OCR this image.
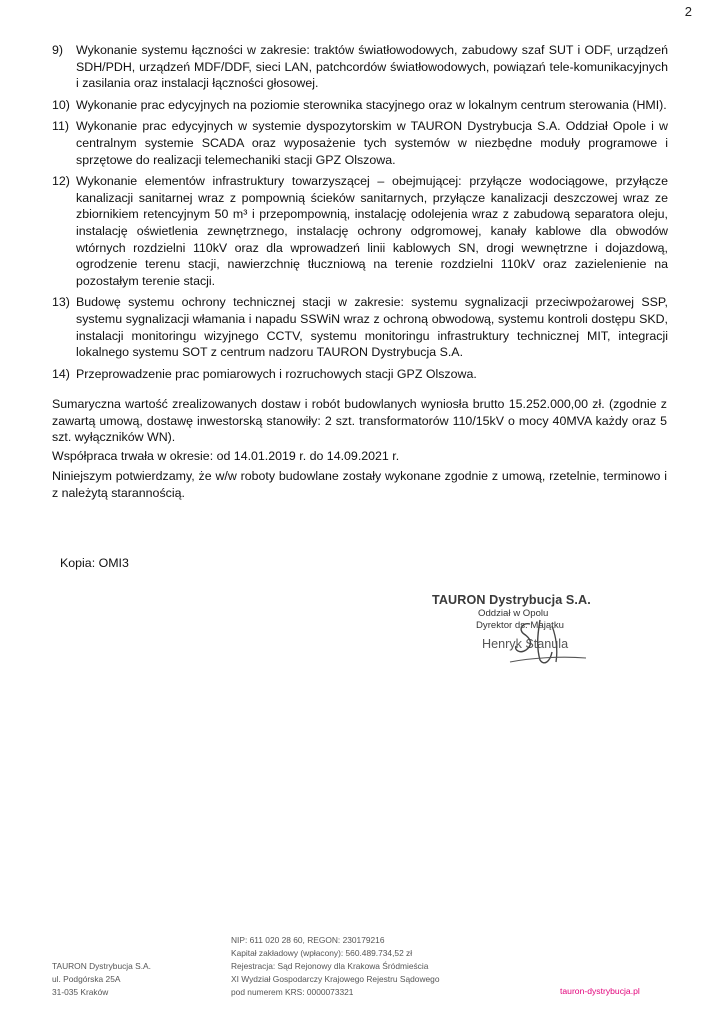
2
9)	Wykonanie systemu łączności w zakresie: traktów światłowodowych, zabudowy szaf SUT i ODF, urządzeń SDH/PDH, urządzeń MDF/DDF, sieci LAN, patchcordów światłowodowych, powiązań tele-komunikacyjnych i zasilania oraz instalacji łączności głosowej.
10) Wykonanie prac edycyjnych na poziomie sterownika stacyjnego oraz w lokalnym centrum sterowania (HMI).
11) Wykonanie prac edycyjnych w systemie dyspozytorskim w TAURON Dystrybucja S.A. Oddział Opole i w centralnym systemie SCADA oraz wyposażenie tych systemów w niezbędne moduły programowe i sprzętowe do realizacji telemechaniki stacji GPZ Olszowa.
12) Wykonanie elementów infrastruktury towarzyszącej – obejmującej: przyłącze wodociągowe, przyłącze kanalizacji sanitarnej wraz z pompownią ścieków sanitarnych, przyłącze kanalizacji deszczowej wraz ze zbiornikiem retencyjnym 50 m³ i przepompownią, instalację odolejenia wraz z zabudową separatora oleju, instalację oświetlenia zewnętrznego, instalację ochrony odgromowej, kanały kablowe dla obwodów wtórnych rozdzielni 110kV oraz dla wprowadzeń linii kablowych SN, drogi wewnętrzne i dojazdową, ogrodzenie terenu stacji, nawierzchnię tłuczniową na terenie rozdzielni 110kV oraz zazielenienie na pozostałym terenie stacji.
13) Budowę systemu ochrony technicznej stacji w zakresie: systemu sygnalizacji przeciwpożarowej SSP, systemu sygnalizacji włamania i napadu SSWiN wraz z ochroną obwodową, systemu kontroli dostępu SKD, instalacji monitoringu wizyjnego CCTV, systemu monitoringu infrastruktury technicznej MIT, integracji lokalnego systemu SOT z centrum nadzoru TAURON Dystrybucja S.A.
14) Przeprowadzenie prac pomiarowych i rozruchowych stacji GPZ Olszowa.
Sumaryczna wartość zrealizowanych dostaw i robót budowlanych wyniosła brutto 15.252.000,00 zł. (zgodnie z zawartą umową, dostawę inwestorską stanowiły: 2 szt. transformatorów 110/15kV o mocy 40MVA każdy oraz 5 szt. wyłączników WN).
Współpraca trwała w okresie: od 14.01.2019 r. do 14.09.2021 r.
Niniejszym potwierdzamy, że w/w roboty budowlane zostały wykonane zgodnie z umową, rzetelnie, terminowo i z należytą starannością.
Kopia: OMI3
TAURON Dystrybucja S.A.
Oddział w Opolu
Dyrektor ds. Majątku
Henryk Stanula
TAURON Dystrybucja S.A.
ul. Podgórska 25A
31-035 Kraków
NIP: 611 020 28 60, REGON: 230179216
Kapitał zakładowy (wpłacony): 560.489.734,52 zł
Rejestracja: Sąd Rejonowy dla Krakowa Śródmieścia
XI Wydział Gospodarczy Krajowego Rejestru Sądowego
pod numerem KRS: 0000073321	tauron-dystrybucja.pl
